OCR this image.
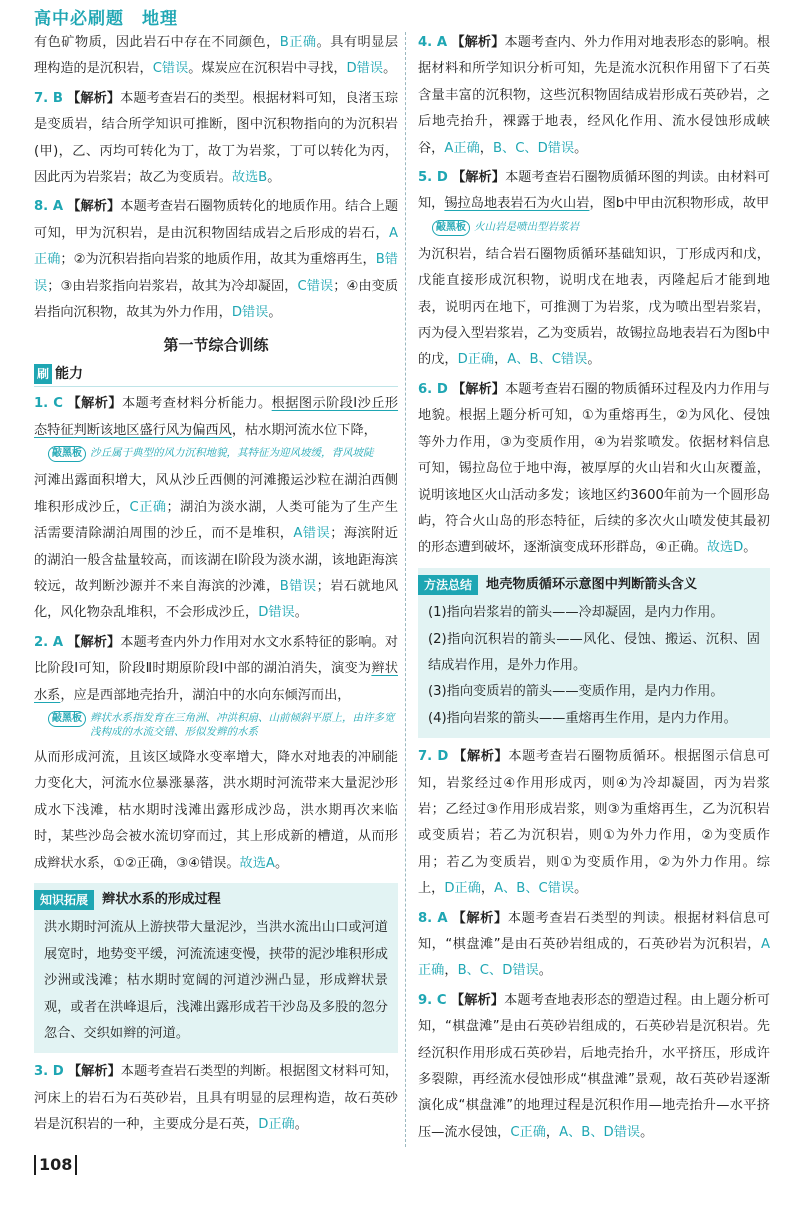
高中必刷题　地理

有色矿物质，因此岩石中存在不同颜色，B正确。具有明显层理构造的是沉积岩，C错误。煤炭应在沉积岩中寻找，D错误。

7. B 【解析】本题考查岩石的类型。根据材料可知，良渚玉琮是变质岩，结合所学知识可推断，图中沉积物指向的为沉积岩(甲)，乙、丙均可转化为丁，故丁为岩浆，丁可以转化为丙，因此丙为岩浆岩；故乙为变质岩。故选B。

8. A 【解析】本题考查岩石圈物质转化的地质作用。结合上题可知，甲为沉积岩，是由沉积物固结成岩之后形成的岩石，A正确；②为沉积岩指向岩浆的地质作用，故其为重熔再生，B错误；③由岩浆指向岩浆岩，故其为冷却凝固，C错误；④由变质岩指向沉积物，故其为外力作用，D错误。

第一节综合训练
刷 能力

1. C 【解析】本题考查材料分析能力。根据图示阶段Ⅰ沙丘形态特征判断该地区盛行风为偏西风，枯水期河流水位下降，

敲黑板 沙丘属于典型的风力沉积地貌，其特征为迎风坡缓，背风坡陡

河滩出露面积增大，风从沙丘西侧的河滩搬运沙粒在湖泊西侧堆积形成沙丘，C正确；湖泊为淡水湖，人类可能为了生产生活需要清除湖泊周围的沙丘，而不是堆积，A错误；海滨附近的湖泊一般含盐量较高，而该湖在Ⅰ阶段为淡水湖，该地距海滨较远，故判断沙源并不来自海滨的沙滩，B错误；岩石就地风化，风化物杂乱堆积，不会形成沙丘，D错误。

2. A 【解析】本题考查内外力作用对水文水系特征的影响。对比阶段Ⅰ可知，阶段Ⅱ时期原阶段Ⅰ中部的湖泊消失，演变为辫状水系，应是西部地壳抬升，湖泊中的水向东倾泻而出，

敲黑板 辫状水系指发育在三角洲、冲洪积扇、山前倾斜平原上，由许多宽浅构成的水流交错、形似发辫的水系

从而形成河流，且该区域降水变率增大，降水对地表的冲刷能力变化大，河流水位暴涨暴落，洪水期时河流带来大量泥沙形成水下浅滩，枯水期时浅滩出露形成沙岛，洪水期再次来临时，某些沙岛会被水流切穿而过，其上形成新的槽道，从而形成辫状水系，①②正确，③④错误。故选A。

知识拓展	辫状水系的形成过程

洪水期时河流从上游挟带大量泥沙，当洪水流出山口或河道展宽时，地势变平缓，河流流速变慢，挟带的泥沙堆积形成沙洲或浅滩；枯水期时宽阔的河道沙洲凸显，形成辫状景观，或者在洪峰退后，浅滩出露形成若干沙岛及多股的忽分忽合、交织如辫的河道。

3. D 【解析】本题考查岩石类型的判断。根据图文材料可知，河床上的岩石为石英砂岩，且具有明显的层理构造，故石英砂岩是沉积岩的一种，主要成分是石英，D正确。

4. A 【解析】本题考查内、外力作用对地表形态的影响。根据材料和所学知识分析可知，先是流水沉积作用留下了石英含量丰富的沉积物，这些沉积物固结成岩形成石英砂岩，之后地壳抬升，裸露于地表，经风化作用、流水侵蚀形成峡谷，A正确，B、C、D错误。

5. D 【解析】本题考查岩石圈物质循环图的判读。由材料可知，锡拉岛地表岩石为火山岩，图b中甲由沉积物形成，故甲

敲黑板 火山岩是喷出型岩浆岩

为沉积岩，结合岩石圈物质循环基础知识，丁形成丙和戊，戊能直接形成沉积物，说明戊在地表，丙隆起后才能到地表，说明丙在地下，可推测丁为岩浆，戊为喷出型岩浆岩，丙为侵入型岩浆岩，乙为变质岩，故锡拉岛地表岩石为图b中的戊，D正确，A、B、C错误。

6. D 【解析】本题考查岩石圈的物质循环过程及内力作用与地貌。根据上题分析可知，①为重熔再生，②为风化、侵蚀等外力作用，③为变质作用，④为岩浆喷发。依据材料信息可知，锡拉岛位于地中海，被厚厚的火山岩和火山灰覆盖，说明该地区火山活动多发；该地区约3600年前为一个圆形岛屿，符合火山岛的形态特征，后续的多次火山喷发使其最初的形态遭到破坏，逐渐演变成环形群岛，④正确。故选D。

方法总结	地壳物质循环示意图中判断箭头含义

(1)指向岩浆岩的箭头——冷却凝固，是内力作用。

(2)指向沉积岩的箭头——风化、侵蚀、搬运、沉积、固结成岩作用，是外力作用。

(3)指向变质岩的箭头——变质作用，是内力作用。

(4)指向岩浆的箭头——重熔再生作用，是内力作用。

7. D 【解析】本题考查岩石圈物质循环。根据图示信息可知，岩浆经过④作用形成丙，则④为冷却凝固，丙为岩浆岩；乙经过③作用形成岩浆，则③为重熔再生，乙为沉积岩或变质岩；若乙为沉积岩，则①为外力作用，②为变质作用；若乙为变质岩，则①为变质作用，②为外力作用。综上，D正确，A、B、C错误。

8. A 【解析】本题考查岩石类型的判读。根据材料信息可知，“棋盘滩”是由石英砂岩组成的，石英砂岩为沉积岩，A正确，B、C、D错误。

9. C 【解析】本题考查地表形态的塑造过程。由上题分析可知，“棋盘滩”是由石英砂岩组成的，石英砂岩是沉积岩。先经沉积作用形成石英砂岩，后地壳抬升，水平挤压，形成许多裂隙，再经流水侵蚀形成“棋盘滩”景观，故石英砂岩逐渐演化成“棋盘滩”的地理过程是沉积作用—地壳抬升—水平挤压—流水侵蚀，C正确，A、B、D错误。

108
